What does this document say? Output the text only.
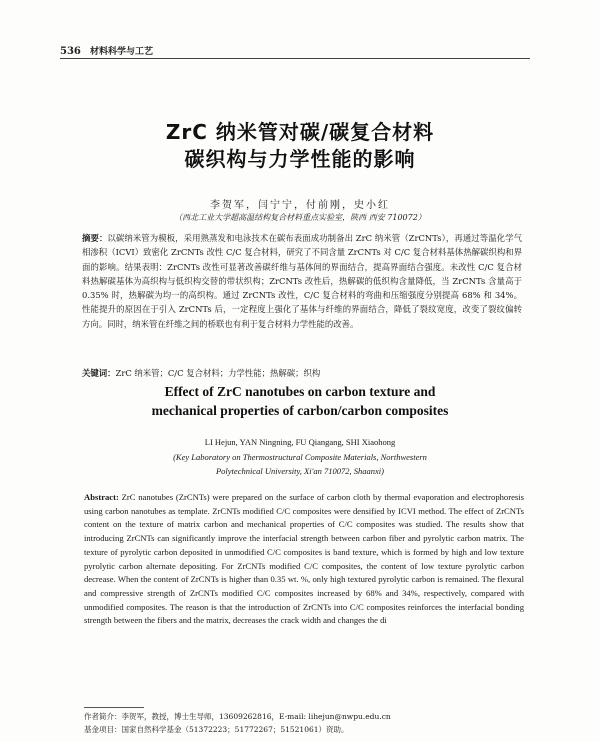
536 材料科学与工艺
ZrC 纳米管对碳/碳复合材料
碳织构与力学性能的影响
李贺军，闫宁宁，付前刚，史小红
（西北工业大学超高温结构复合材料重点实验室，陕西 西安 710072）
摘要：以碳纳米管为模板，采用熟蒸发和电泳技术在碳布表面成功制备出 ZrC 纳米管（ZrCNTs），再通过等温化学气相渗积（ICVI）致密化 ZrCNTs 改性 C/C 复合材料，研究了不同含量 ZrCNTs 对 C/C 复合材料基体热解碳织构和界面的影响。结果表明：ZrCNTs 改性可显著改善碳纤维与基体间的界面结合，提高界面结合强度。未改性 C/C 复合材料热解碳基体为高织构与低织构交替的带状织构；ZrCNTs 改性后，热解碳的低织构含量降低，当 ZrCNTs 含量高于 0.35% 时，热解碳为均一的高织构。通过 ZrCNTs 改性，C/C 复合材料的弯曲和压缩强度分别提高 68% 和 34%。性能提升的原因在于引入 ZrCNTs 后，一定程度上强化了基体与纤维的界面结合，降低了裂纹宽度，改变了裂纹偏转方向。同时，纳米管在纤维之间的桥联也有利于复合材料力学性能的改善。
关键词：ZrC 纳米管；C/C 复合材料；力学性能；热解碳；织构
Effect of ZrC nanotubes on carbon texture and
mechanical properties of carbon/carbon composites
LI Hejun, YAN Ningning, FU Qiangang, SHI Xiaohong
(Key Laboratory on Thermostructural Composite Materials, Northwestern
Polytechnical University, Xi'an 710072, Shaanxi)
Abstract: ZrC nanotubes (ZrCNTs) were prepared on the surface of carbon cloth by thermal evaporation and electrophoresis using carbon nanotubes as template. ZrCNTs modified C/C composites were densified by ICVI method. The effect of ZrCNTs content on the texture of matrix carbon and mechanical properties of C/C composites was studied. The results show that introducing ZrCNTs can significantly improve the interfacial strength between carbon fiber and pyrolytic carbon matrix. The texture of pyrolytic carbon deposited in unmodified C/C composites is band texture, which is formed by high and low texture pyrolytic carbon alternate depositing. For ZrCNTs modified C/C composites, the content of low texture pyrolytic carbon decrease. When the content of ZrCNTs is higher than 0.35 wt. %, only high textured pyrolytic carbon is remained. The flexural and compressive strength of ZrCNTs modified C/C composites increased by 68% and 34%, respectively, compared with unmodified composites. The reason is that the introduction of ZrCNTs into C/C composites reinforces the interfacial bonding strength between the fibers and the matrix, decreases the crack width and changes the di
作者简介：李贺军，教授，博士生导师，13609262816，E-mail: lihejun@nwpu.edu.cn
基金项目：国家自然科学基金（51372223；51772267；51521061）资助。
